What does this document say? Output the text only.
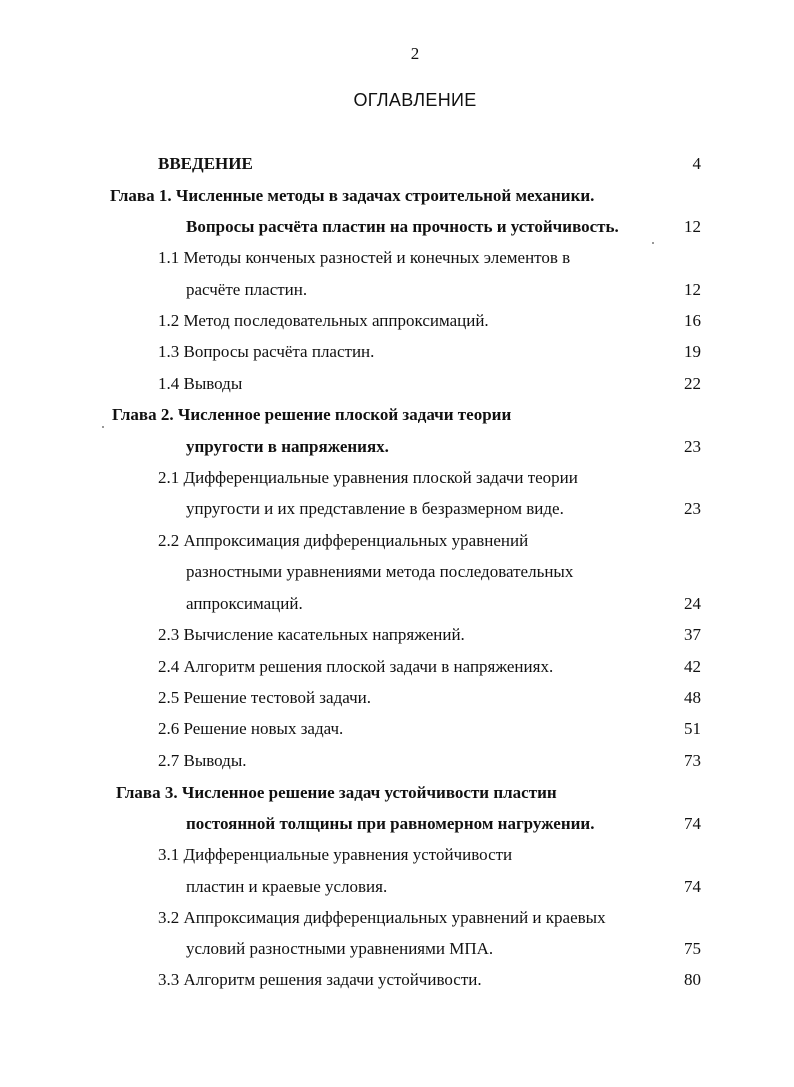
2
ОГЛАВЛЕНИЕ
ВВЕДЕНИЕ	4
Глава 1. Численные методы в задачах строительной механики.
Вопросы расчёта пластин на прочность и устойчивость.	12
1.1 Методы конченых разностей и конечных элементов в
расчёте пластин.	12
1.2 Метод последовательных аппроксимаций.	16
1.3 Вопросы расчёта пластин.	19
1.4 Выводы	22
Глава 2. Численное решение плоской задачи теории
упругости в напряжениях.	23
2.1 Дифференциальные уравнения плоской задачи теории
упругости и их представление в безразмерном виде.	23
2.2 Аппроксимация дифференциальных уравнений
разностными уравнениями метода последовательных
аппроксимаций.	24
2.3 Вычисление касательных напряжений.	37
2.4 Алгоритм решения плоской задачи в напряжениях.	42
2.5 Решение тестовой задачи.	48
2.6 Решение новых задач.	51
2.7 Выводы.	73
Глава 3. Численное решение задач устойчивости пластин
постоянной толщины при равномерном нагружении.	74
3.1 Дифференциальные уравнения устойчивости
пластин и краевые условия.	74
3.2 Аппроксимация дифференциальных уравнений и краевых
условий разностными уравнениями МПА.	75
3.3 Алгоритм решения задачи устойчивости.	80
